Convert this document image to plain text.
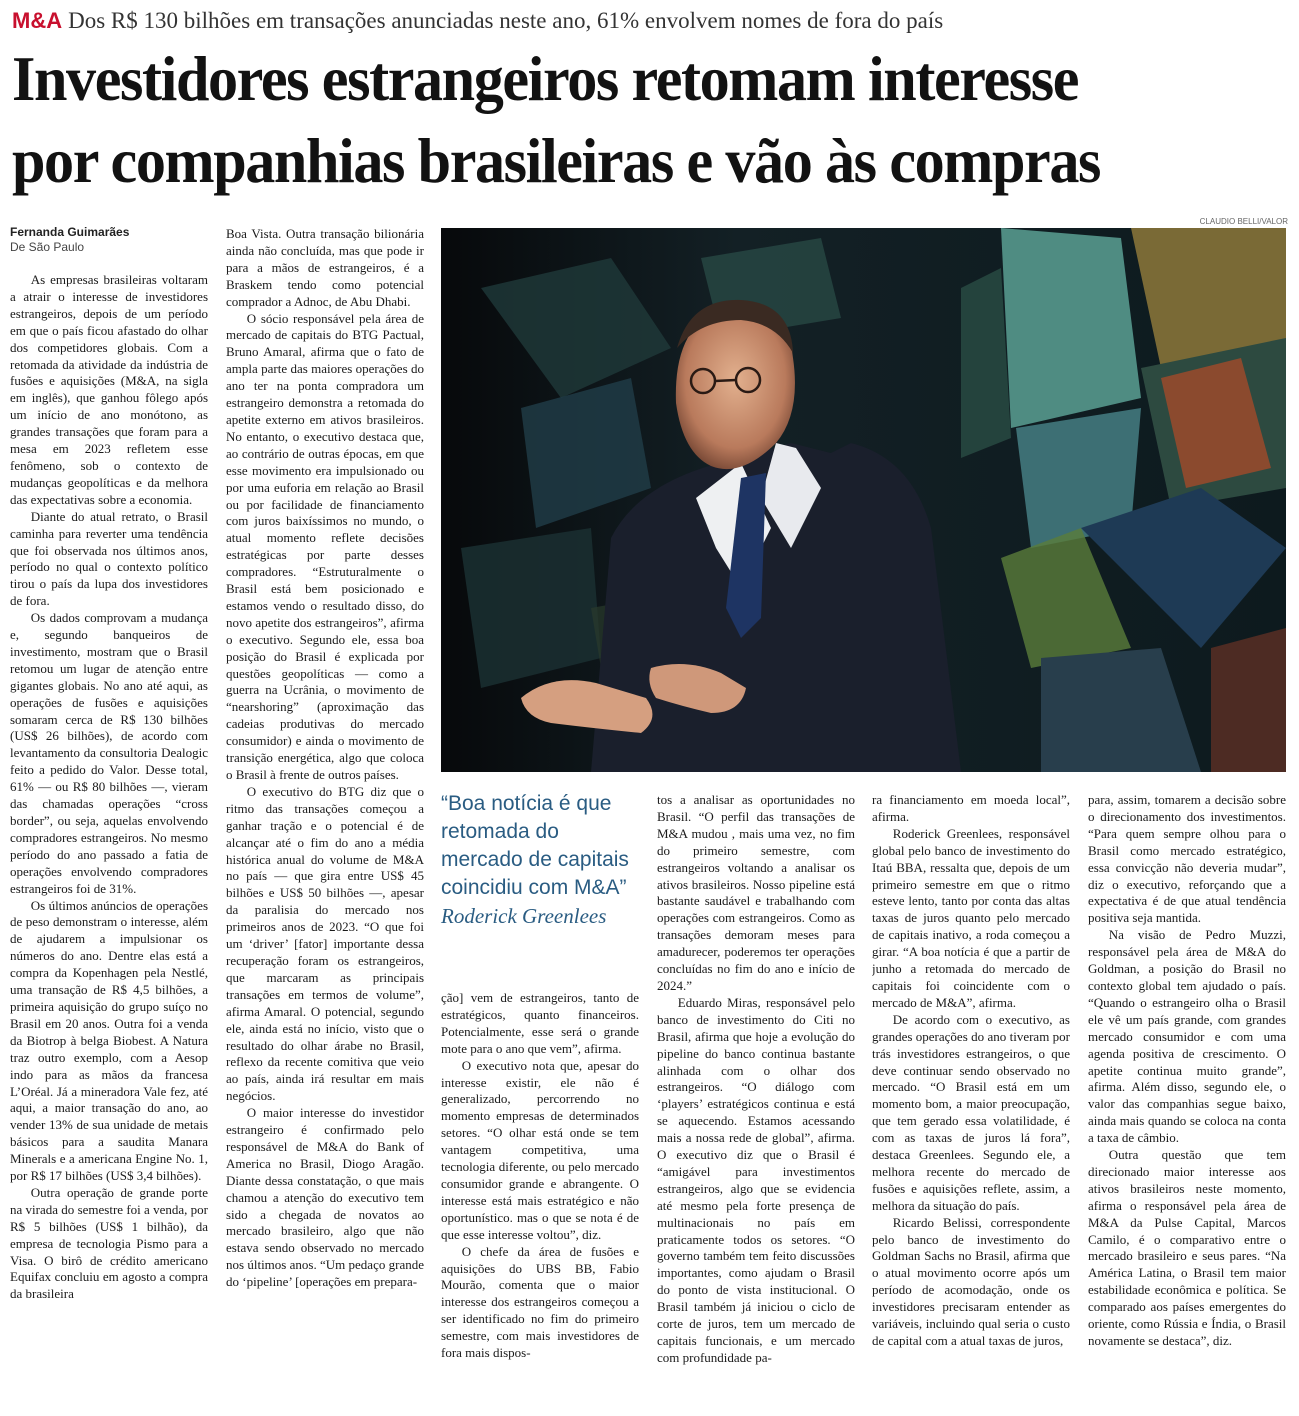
M&A Dos R$ 130 bilhões em transações anunciadas neste ano, 61% envolvem nomes de fora do país
Investidores estrangeiros retomam interesse
por companhias brasileiras e vão às compras
Fernanda Guimarães
De São Paulo
CLAUDIO BELLI/VALOR
“Boa notícia é que retomada do mercado de capitais coincidiu com M&A”
Roderick Greenlees

As empresas brasileiras voltaram a atrair o interesse de investidores estrangeiros, depois de um período em que o país ficou afastado do olhar dos competidores globais. Com a retomada da atividade da indústria de fusões e aquisições (M&A, na sigla em inglês), que ganhou fôlego após um início de ano monótono, as grandes transações que foram para a mesa em 2023 refletem esse fenômeno, sob o contexto de mudanças geopolíticas e da melhora das expectativas sobre a economia.

Diante do atual retrato, o Brasil caminha para reverter uma tendência que foi observada nos últimos anos, período no qual o contexto político tirou o país da lupa dos investidores de fora.

Os dados comprovam a mudança e, segundo banqueiros de investimento, mostram que o Brasil retomou um lugar de atenção entre gigantes globais. No ano até aqui, as operações de fusões e aquisições somaram cerca de R$ 130 bilhões (US$ 26 bilhões), de acordo com levantamento da consultoria Dealogic feito a pedido do Valor. Desse total, 61% — ou R$ 80 bilhões —, vieram das chamadas operações “cross border”, ou seja, aquelas envolvendo compradores estrangeiros. No mesmo período do ano passado a fatia de operações envolvendo compradores estrangeiros foi de 31%.

Os últimos anúncios de operações de peso demonstram o interesse, além de ajudarem a impulsionar os números do ano. Dentre elas está a compra da Kopenhagen pela Nestlé, uma transação de R$ 4,5 bilhões, a primeira aquisição do grupo suíço no Brasil em 20 anos. Outra foi a venda da Biotrop à belga Biobest. A Natura traz outro exemplo, com a Aesop indo para as mãos da francesa L’Oréal. Já a mineradora Vale fez, até aqui, a maior transação do ano, ao vender 13% de sua unidade de metais básicos para a saudita Manara Minerals e a americana Engine No. 1, por R$ 17 bilhões (US$ 3,4 bilhões).

Outra operação de grande porte na virada do semestre foi a venda, por R$ 5 bilhões (US$ 1 bilhão), da empresa de tecnologia Pismo para a Visa. O birô de crédito americano Equifax concluiu em agosto a compra da brasileira

Boa Vista. Outra transação bilionária ainda não concluída, mas que pode ir para a mãos de estrangeiros, é a Braskem tendo como potencial comprador a Adnoc, de Abu Dhabi.

O sócio responsável pela área de mercado de capitais do BTG Pactual, Bruno Amaral, afirma que o fato de ampla parte das maiores operações do ano ter na ponta compradora um estrangeiro demonstra a retomada do apetite externo em ativos brasileiros. No entanto, o executivo destaca que, ao contrário de outras épocas, em que esse movimento era impulsionado ou por uma euforia em relação ao Brasil ou por facilidade de financiamento com juros baixíssimos no mundo, o atual momento reflete decisões estratégicas por parte desses compradores. “Estruturalmente o Brasil está bem posicionado e estamos vendo o resultado disso, do novo apetite dos estrangeiros”, afirma o executivo. Segundo ele, essa boa posição do Brasil é explicada por questões geopolíticas — como a guerra na Ucrânia, o movimento de “nearshoring” (aproximação das cadeias produtivas do mercado consumidor) e ainda o movimento de transição energética, algo que coloca o Brasil à frente de outros países.

O executivo do BTG diz que o ritmo das transações começou a ganhar tração e o potencial é de alcançar até o fim do ano a média histórica anual do volume de M&A no país — que gira entre US$ 45 bilhões e US$ 50 bilhões —, apesar da paralisia do mercado nos primeiros anos de 2023. “O que foi um ‘driver’ [fator] importante dessa recuperação foram os estrangeiros, que marcaram as principais transações em termos de volume”, afirma Amaral. O potencial, segundo ele, ainda está no início, visto que o resultado do olhar árabe no Brasil, reflexo da recente comitiva que veio ao país, ainda irá resultar em mais negócios.

O maior interesse do investidor estrangeiro é confirmado pelo responsável de M&A do Bank of America no Brasil, Diogo Aragão. Diante dessa constatação, o que mais chamou a atenção do executivo tem sido a chegada de novatos ao mercado brasileiro, algo que não estava sendo observado no mercado nos últimos anos. “Um pedaço grande do ‘pipeline’ [operações em prepara-

ção] vem de estrangeiros, tanto de estratégicos, quanto financeiros. Potencialmente, esse será o grande mote para o ano que vem”, afirma.

O executivo nota que, apesar do interesse existir, ele não é generalizado, percorrendo no momento empresas de determinados setores. “O olhar está onde se tem vantagem competitiva, uma tecnologia diferente, ou pelo mercado consumidor grande e abrangente. O interesse está mais estratégico e não oportunístico. mas o que se nota é de que esse interesse voltou”, diz.

O chefe da área de fusões e aquisições do UBS BB, Fabio Mourão, comenta que o maior interesse dos estrangeiros começou a ser identificado no fim do primeiro semestre, com mais investidores de fora mais dispos-

tos a analisar as oportunidades no Brasil. “O perfil das transações de M&A mudou , mais uma vez, no fim do primeiro semestre, com estrangeiros voltando a analisar os ativos brasileiros. Nosso pipeline está bastante saudável e trabalhando com operações com estrangeiros. Como as transações demoram meses para amadurecer, poderemos ter operações concluídas no fim do ano e início de 2024.”

Eduardo Miras, responsável pelo banco de investimento do Citi no Brasil, afirma que hoje a evolução do pipeline do banco continua bastante alinhada com o olhar dos estrangeiros. “O diálogo com ‘players’ estratégicos continua e está se aquecendo. Estamos acessando mais a nossa rede de global”, afirma. O executivo diz que o Brasil é “amigável para investimentos estrangeiros, algo que se evidencia até mesmo pela forte presença de multinacionais no país em praticamente todos os setores. “O governo também tem feito discussões importantes, como ajudam o Brasil do ponto de vista institucional. O Brasil também já iniciou o ciclo de corte de juros, tem um mercado de capitais funcionais, e um mercado com profundidade pa-

ra financiamento em moeda local”, afirma.

Roderick Greenlees, responsável global pelo banco de investimento do Itaú BBA, ressalta que, depois de um primeiro semestre em que o ritmo esteve lento, tanto por conta das altas taxas de juros quanto pelo mercado de capitais inativo, a roda começou a girar. “A boa notícia é que a partir de junho a retomada do mercado de capitais foi coincidente com o mercado de M&A”, afirma.

De acordo com o executivo, as grandes operações do ano tiveram por trás investidores estrangeiros, o que deve continuar sendo observado no mercado. “O Brasil está em um momento bom, a maior preocupação, que tem gerado essa volatilidade, é com as taxas de juros lá fora”, destaca Greenlees. Segundo ele, a melhora recente do mercado de fusões e aquisições reflete, assim, a melhora da situação do país.

Ricardo Belissi, correspondente pelo banco de investimento do Goldman Sachs no Brasil, afirma que o atual movimento ocorre após um período de acomodação, onde os investidores precisaram entender as variáveis, incluindo qual seria o custo de capital com a atual taxas de juros,

para, assim, tomarem a decisão sobre o direcionamento dos investimentos. “Para quem sempre olhou para o Brasil como mercado estratégico, essa convicção não deveria mudar”, diz o executivo, reforçando que a expectativa é de que atual tendência positiva seja mantida.

Na visão de Pedro Muzzi, responsável pela área de M&A do Goldman, a posição do Brasil no contexto global tem ajudado o país. “Quando o estrangeiro olha o Brasil ele vê um país grande, com grandes mercado consumidor e com uma agenda positiva de crescimento. O apetite continua muito grande”, afirma. Além disso, segundo ele, o valor das companhias segue baixo, ainda mais quando se coloca na conta a taxa de câmbio.

Outra questão que tem direcionado maior interesse aos ativos brasileiros neste momento, afirma o responsável pela área de M&A da Pulse Capital, Marcos Camilo, é o comparativo entre o mercado brasileiro e seus pares. “Na América Latina, o Brasil tem maior estabilidade econômica e política. Se comparado aos países emergentes do oriente, como Rússia e Índia, o Brasil novamente se destaca”, diz.
